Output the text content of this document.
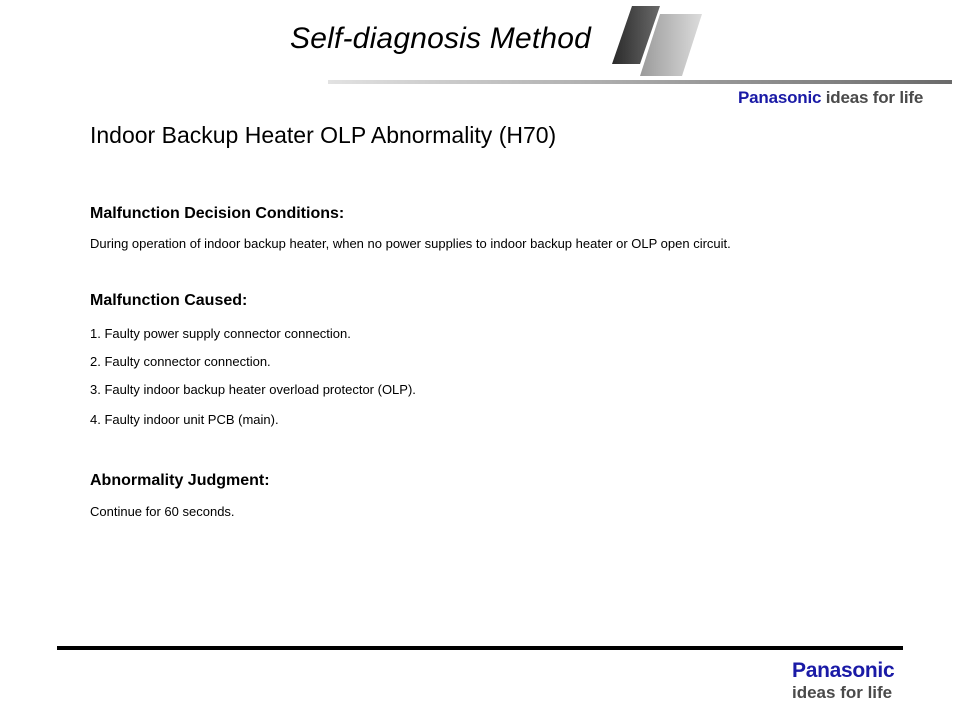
Self-diagnosis Method
Panasonic ideas for life
Indoor Backup Heater OLP Abnormality (H70)
Malfunction Decision Conditions:
During operation of indoor backup heater, when no power supplies to indoor backup heater or OLP open circuit.
Malfunction Caused:
1. Faulty power supply connector connection.
2. Faulty connector connection.
3. Faulty indoor backup heater overload protector (OLP).
4. Faulty indoor unit PCB (main).
Abnormality Judgment:
Continue for 60 seconds.
Panasonic
ideas for life
